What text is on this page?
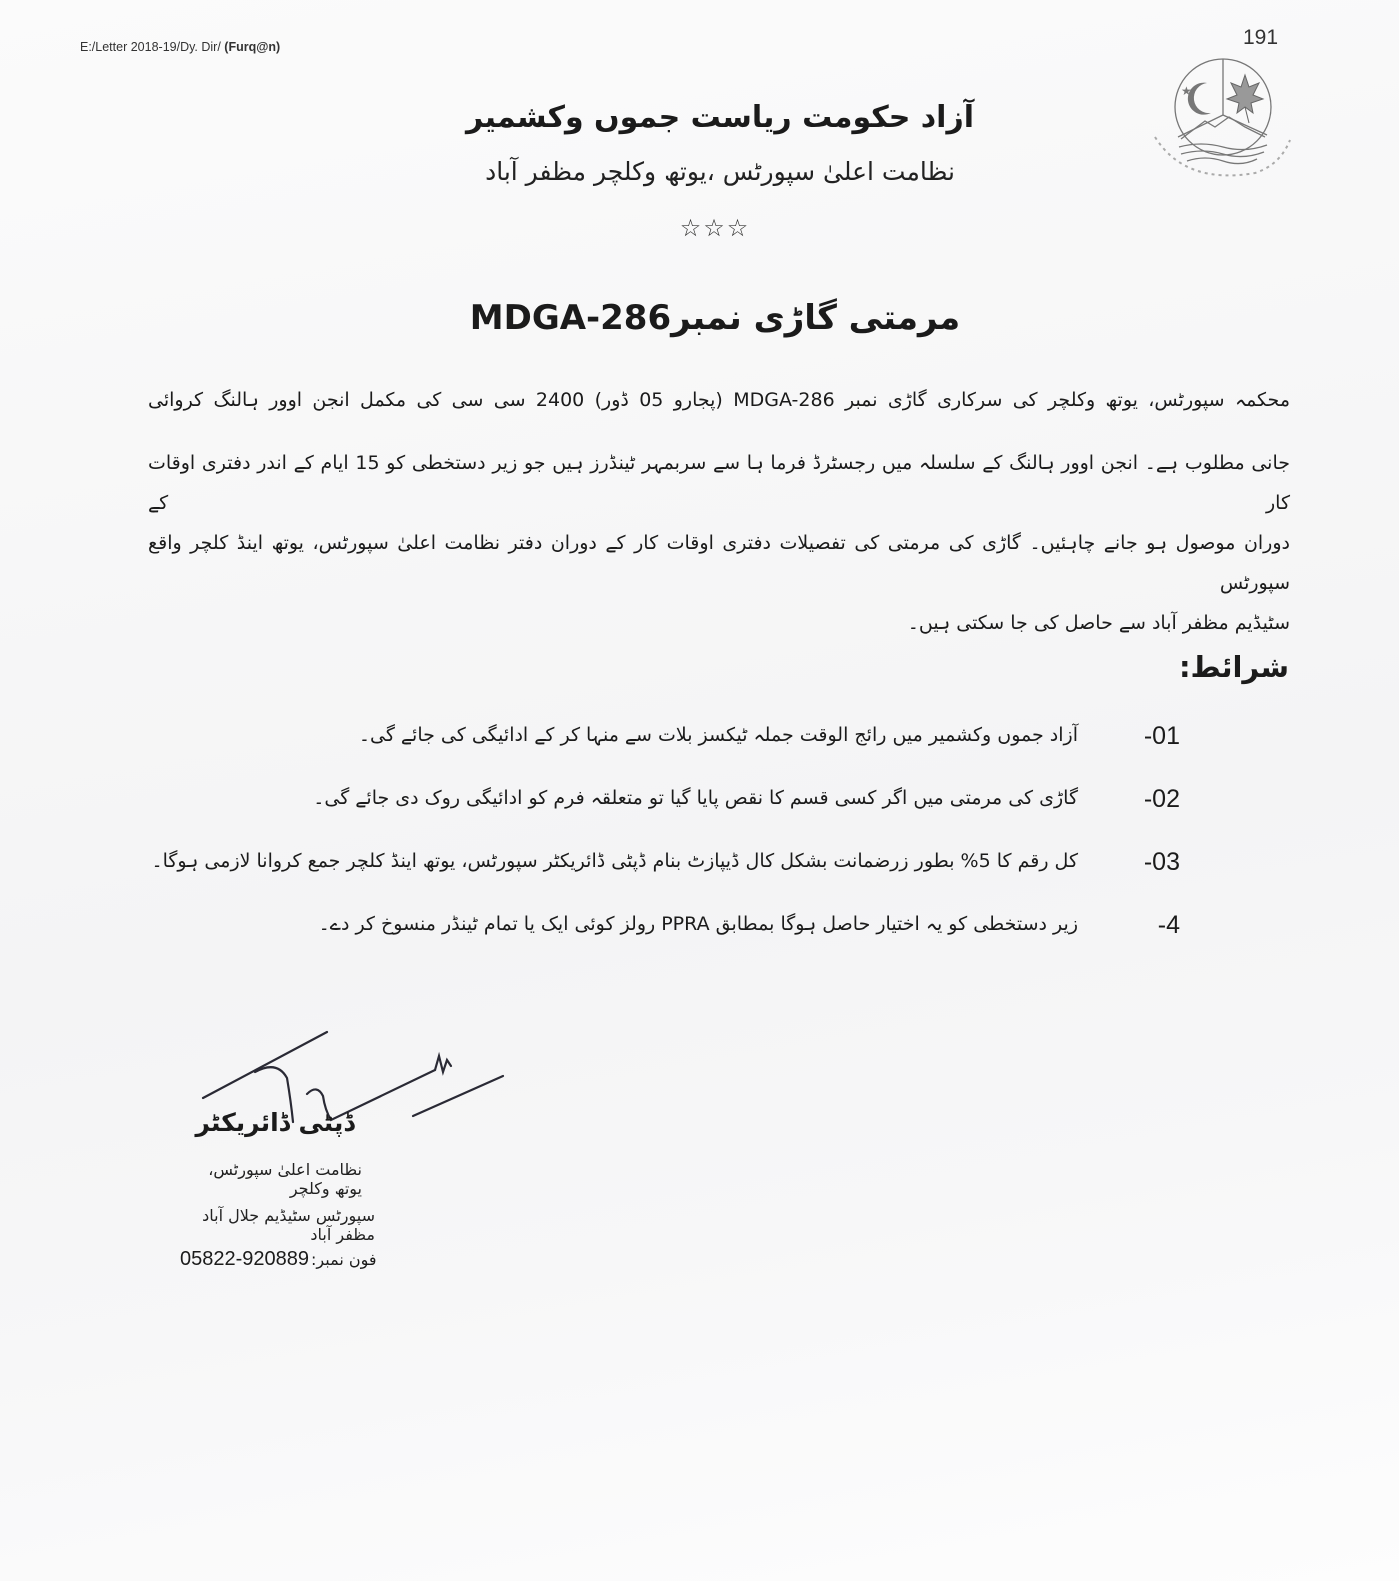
E:/Letter 2018-19/Dy. Dir/ (Furq@n)	191
★
آزاد حکومت ریاست جموں وکشمیر
نظامت اعلیٰ سپورٹس ،یوتھ وکلچر مظفر آباد
☆☆☆
مرمتی گاڑی نمبرMDGA-286
محکمہ سپورٹس، یوتھ وکلچر کی سرکاری گاڑی نمبر MDGA-286 (پجارو 05 ڈور) 2400 سی سی کی مکمل انجن اوور ہالنگ کروائی
جانی مطلوب ہے۔ انجن اوور ہالنگ کے سلسلہ میں رجسٹرڈ فرما ہا سے سربمہر ٹینڈرز ہیں جو زیر دستخطی کو 15 ایام کے اندر دفتری اوقات کار کے
دوران موصول ہو جانے چاہئیں۔ گاڑی کی مرمتی کی تفصیلات دفتری اوقات کار کے دوران دفتر نظامت اعلیٰ سپورٹس، یوتھ اینڈ کلچر واقع سپورٹس
سٹیڈیم مظفر آباد سے حاصل کی جا سکتی ہیں۔
شرائط:
-01
آزاد جموں وکشمیر میں رائج الوقت جملہ ٹیکسز بلات سے منہا کر کے ادائیگی کی جائے گی۔
-02
گاڑی کی مرمتی میں اگر کسی قسم کا نقص پایا گیا تو متعلقہ فرم کو ادائیگی روک دی جائے گی۔
-03
کل رقم کا 5% بطور زرضمانت بشکل کال ڈیپازٹ بنام ڈپٹی ڈائریکٹر سپورٹس، یوتھ اینڈ کلچر جمع کروانا لازمی ہوگا۔
-4
زیر دستخطی کو یہ اختیار حاصل ہوگا بمطابق PPRA رولز کوئی ایک یا تمام ٹینڈر منسوخ کر دے۔
ڈپٹی ڈائریکٹر
نظامت اعلیٰ سپورٹس، یوتھ وکلچر
سپورٹس سٹیڈیم جلال آباد مظفر آباد
05822-920889 فون نمبر:
